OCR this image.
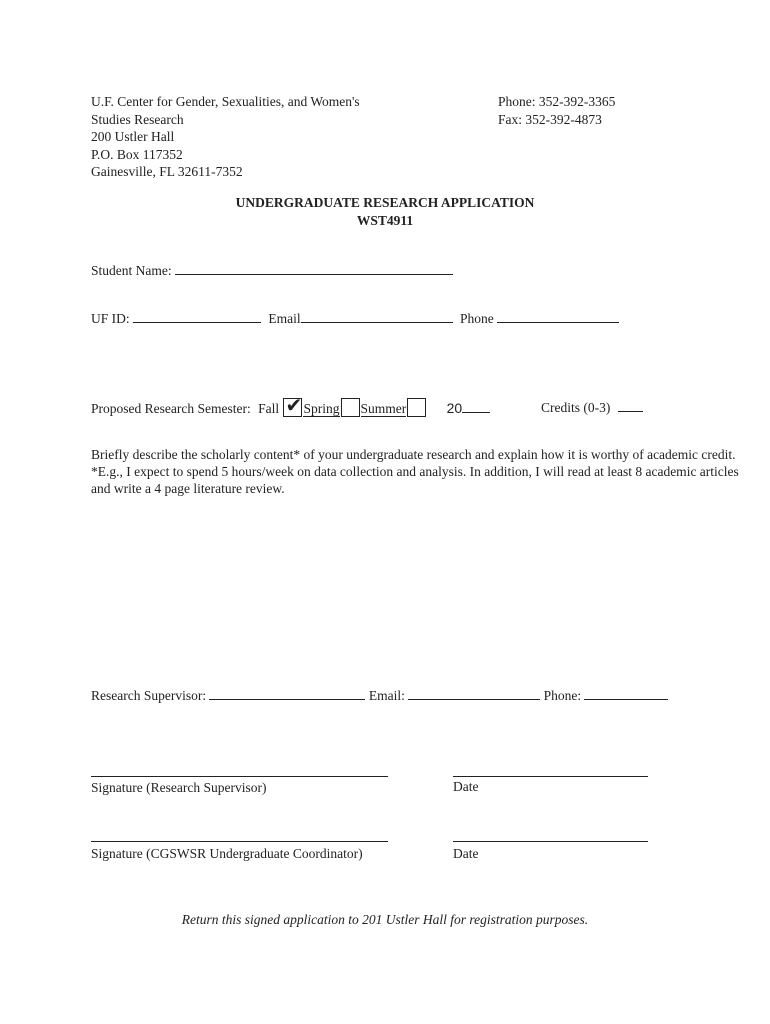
U.F. Center for Gender, Sexualities, and Women's
Studies Research
200 Ustler Hall
P.O. Box 117352
Gainesville, FL 32611-7352
Phone: 352-392-3365
Fax: 352-392-4873
UNDERGRADUATE RESEARCH APPLICATION
WST4911
Student Name:
UF ID:	Email	Phone
Proposed Research Semester: Fall ✔ Spring Summer	20	Credits (0-3)
Briefly describe the scholarly content* of your undergraduate research and explain how it is worthy of academic credit. *E.g., I expect to spend 5 hours/week on data collection and analysis. In addition, I will read at least 8 academic articles and write a 4 page literature review.
Research Supervisor:	Email:	Phone:
Signature (Research Supervisor)	Date
Signature (CGSWSR Undergraduate Coordinator)	Date
Return this signed application to 201 Ustler Hall for registration purposes.
